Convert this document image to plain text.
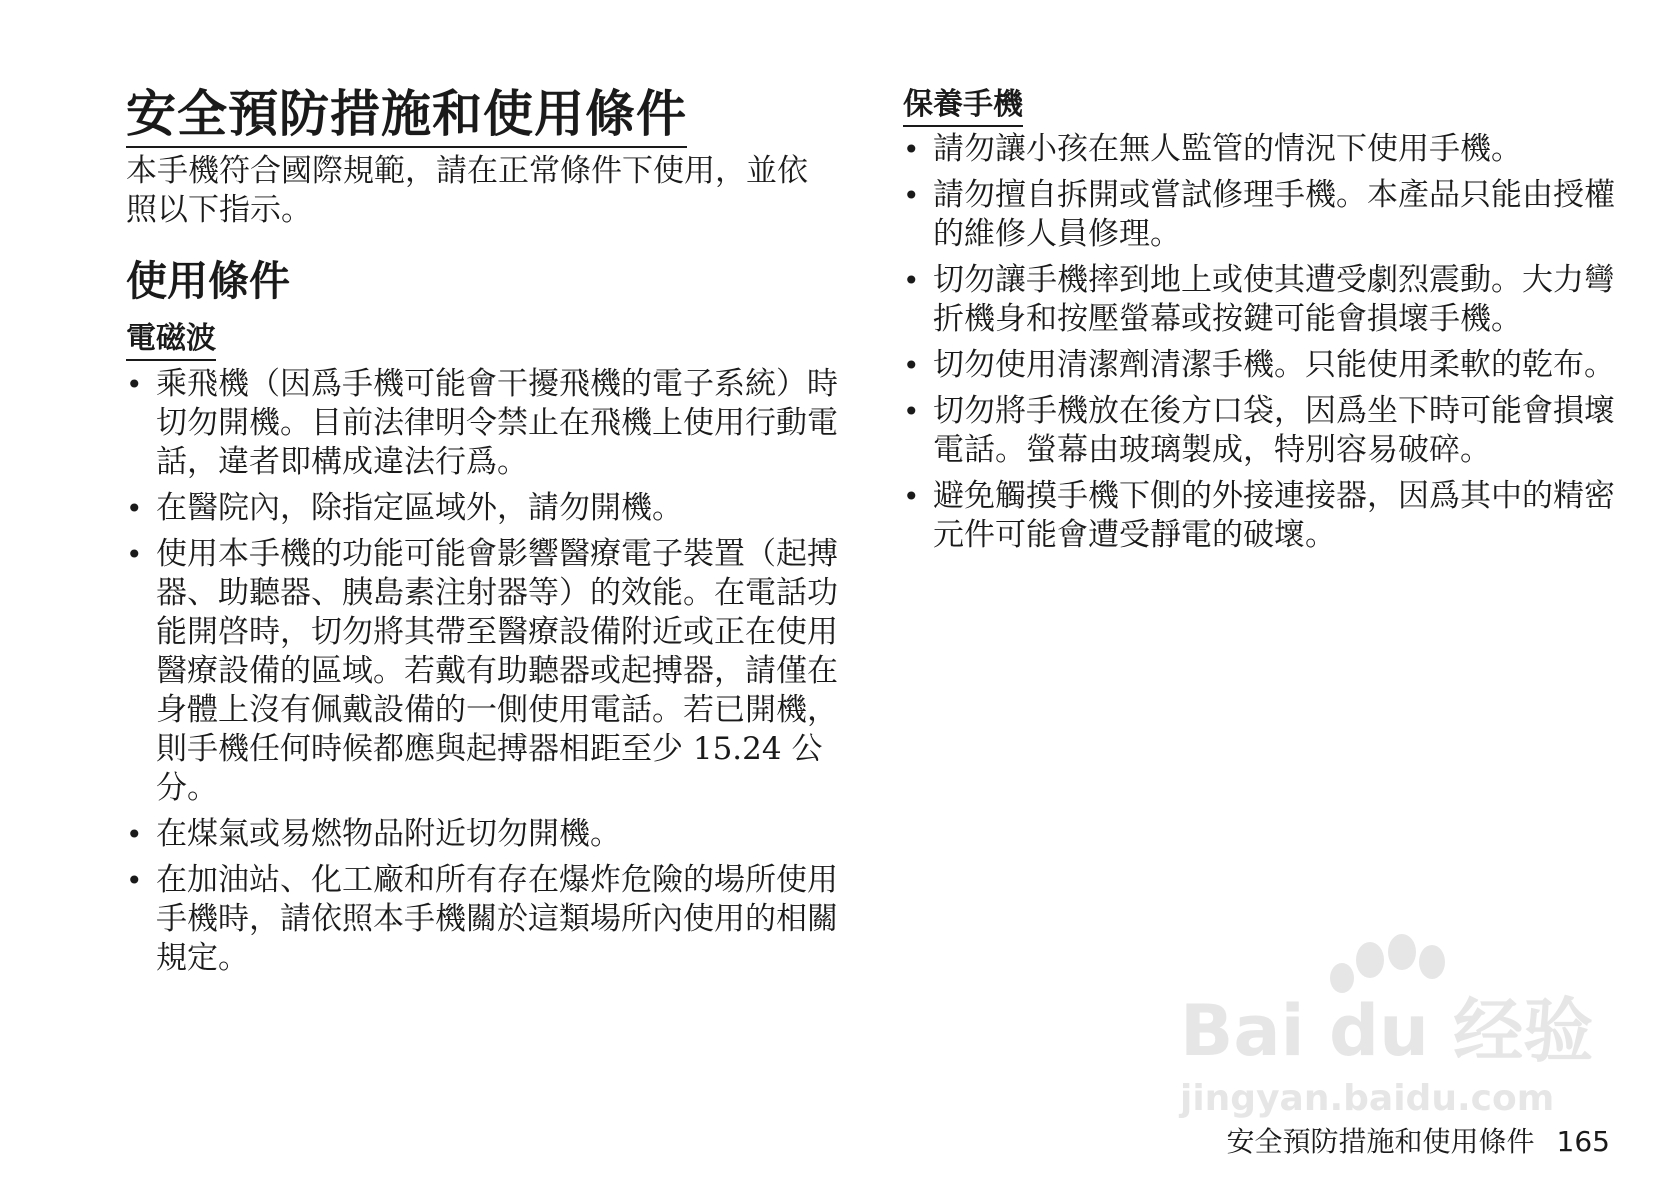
安全預防措施和使用條件

本手機符合國際規範，請在正常條件下使用，並依照以下指示。

使用條件
電磁波
• 乘飛機（因爲手機可能會干擾飛機的電子系統）時切勿開機。目前法律明令禁止在飛機上使用行動電話，違者即構成違法行爲。
• 在醫院內，除指定區域外，請勿開機。
• 使用本手機的功能可能會影響醫療電子裝置（起搏器、助聽器、胰島素注射器等）的效能。在電話功能開啓時，切勿將其帶至醫療設備附近或正在使用醫療設備的區域。若戴有助聽器或起搏器，請僅在身體上沒有佩戴設備的一側使用電話。若已開機，則手機任何時候都應與起搏器相距至少 15.24 公分。
• 在煤氣或易燃物品附近切勿開機。
• 在加油站、化工廠和所有存在爆炸危險的場所使用手機時，請依照本手機關於這類場所內使用的相關規定。
保養手機
• 請勿讓小孩在無人監管的情況下使用手機。
• 請勿擅自拆開或嘗試修理手機。本產品只能由授權的維修人員修理。
• 切勿讓手機摔到地上或使其遭受劇烈震動。大力彎折機身和按壓螢幕或按鍵可能會損壞手機。
• 切勿使用清潔劑清潔手機。只能使用柔軟的乾布。
• 切勿將手機放在後方口袋，因爲坐下時可能會損壞電話。螢幕由玻璃製成，特別容易破碎。
• 避免觸摸手機下側的外接連接器，因爲其中的精密元件可能會遭受靜電的破壞。
Bai du 经验
jingyan.baidu.com
安全預防措施和使用條件 165
